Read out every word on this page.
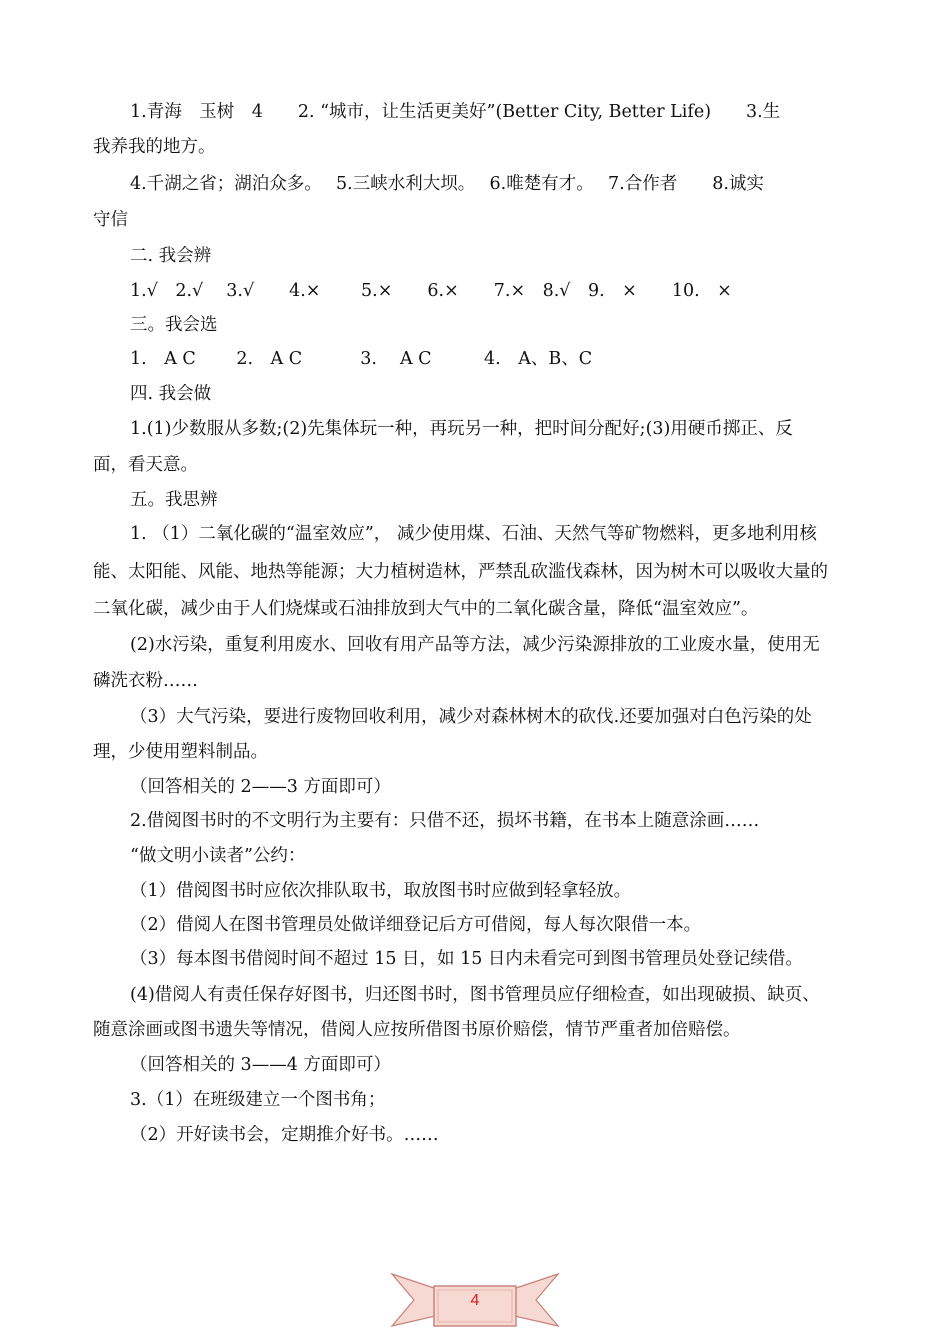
1.青海　玉树　4　　2. “城市，让生活更美好”(Better City, Better Life)　　3.生
我养我的地方。
4.千湖之省；湖泊众多。　 5.三峡水利大坝。　 6.唯楚有才。　 7.合作者　　8.诚实
守信
二. 我会辨
1.√　2.√　 3.√　　4.×　　 5.×　　6.×　　7.×　8.√　9.　×　　10.　×
三。我会选
1.　A C　　 2.　A C　　　 3.　 A C　　　4.　A、B、C
四. 我会做
1.(1)少数服从多数;(2)先集体玩一种，再玩另一种，把时间分配好;(3)用硬币掷正、反
面，看天意。
五。我思辨
1. （1）二氧化碳的“温室效应”， 减少使用煤、石油、天然气等矿物燃料，更多地利用核
能、太阳能、风能、地热等能源；大力植树造林，严禁乱砍滥伐森林，因为树木可以吸收大量的
二氧化碳，减少由于人们烧煤或石油排放到大气中的二氧化碳含量，降低“温室效应”。
(2)水污染，重复利用废水、回收有用产品等方法，减少污染源排放的工业废水量，使用无
磷洗衣粉……
（3）大气污染，要进行废物回收利用，减少对森林树木的砍伐.还要加强对白色污染的处
理，少使用塑料制品。
（回答相关的 2——3 方面即可）
2.借阅图书时的不文明行为主要有：只借不还，损坏书籍，在书本上随意涂画……
“做文明小读者”公约：
（1）借阅图书时应依次排队取书，取放图书时应做到轻拿轻放。
（2）借阅人在图书管理员处做详细登记后方可借阅，每人每次限借一本。
（3）每本图书借阅时间不超过 15 日，如 15 日内未看完可到图书管理员处登记续借。
(4)借阅人有责任保存好图书，归还图书时，图书管理员应仔细检查，如出现破损、缺页、
随意涂画或图书遗失等情况，借阅人应按所借图书原价赔偿，情节严重者加倍赔偿。
（回答相关的 3——4 方面即可）
3.（1）在班级建立一个图书角；
（2）开好读书会，定期推介好书。……
4
